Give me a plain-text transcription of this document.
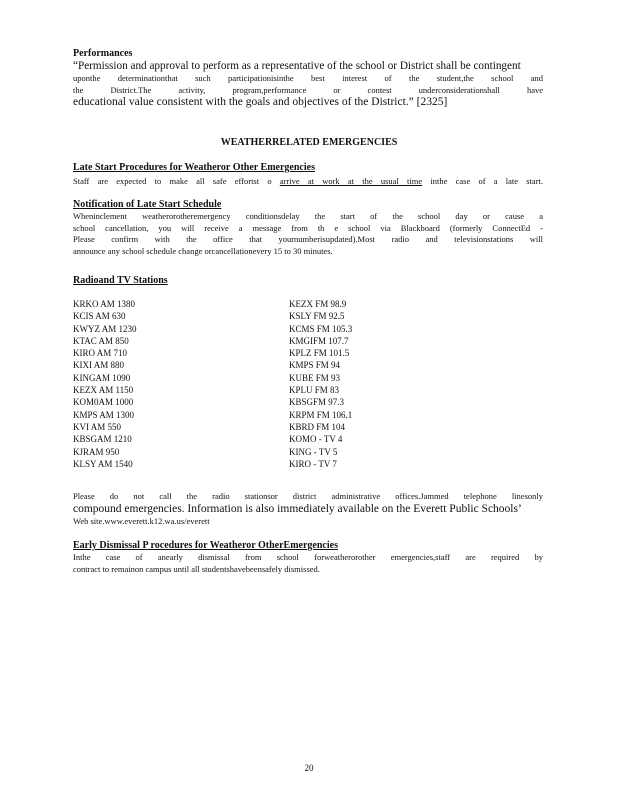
Performances
“Permission and approval to perform as a representative of the school or District shall be contingent
uponthe determinationthat such participationisinthe best interest of the student,the school and
the District.The activity, program,performance or contest underconsiderationshall have
educational value consistent with the goals and objectives of the District.” [2325]
WEATHERRELATED EMERGENCIES
Late Start Procedures for Weatheror Other Emergencies
Staff are expected to make all safe effortst o arrive at work at the usual time inthe case of a late start.
Notification of Late Start Schedule
Wheninclement weatherorotheremergency conditionsdelay the start of the school day or cause a
school cancellation, you will receive a message from th e school via Blackboard (formerly ConnectEd -
Please confirm with the office that yournumberisupdated).Most radio and televisionstations will
announce any school schedule change orcancellationevery 15 to 30 minutes.
Radioand TV Stations
KRKO AM 1380
KCIS AM 630
KWYZ AM 1230
KTAC AM 850
KIRO AM 710
KIXI AM 880
KINGAM 1090
KEZX AM 1150
KOM0AM 1000
KMPS AM 1300
KVI AM 550
KBSGAM 1210
KJRAM 950
KLSY AM 1540
KEZX FM 98.9
KSLY FM 92.5
KCMS FM 105.3
KMGIFM 107.7
KPLZ FM 101.5
KMPS FM 94
KUBE FM 93
KPLU FM 83
KBSGFM 97.3
KRPM FM 106.1
KBRD FM 104
KOMO - TV 4
KING - TV 5
KIRO - TV 7
Please do not call the radio stationsor district administrative offices.Jammed telephone linesonly
compound emergencies. Information is also immediately available on the Everett Public Schools’
Web site.www.everett.k12.wa.us/everett
Early Dismissal P rocedures for Weatheror OtherEmergencies
Inthe case of anearly dismissal from school forweatherorother emergencies,staff are required by
contract to remainon campus until all studentshavebeensafely dismissed.
20
